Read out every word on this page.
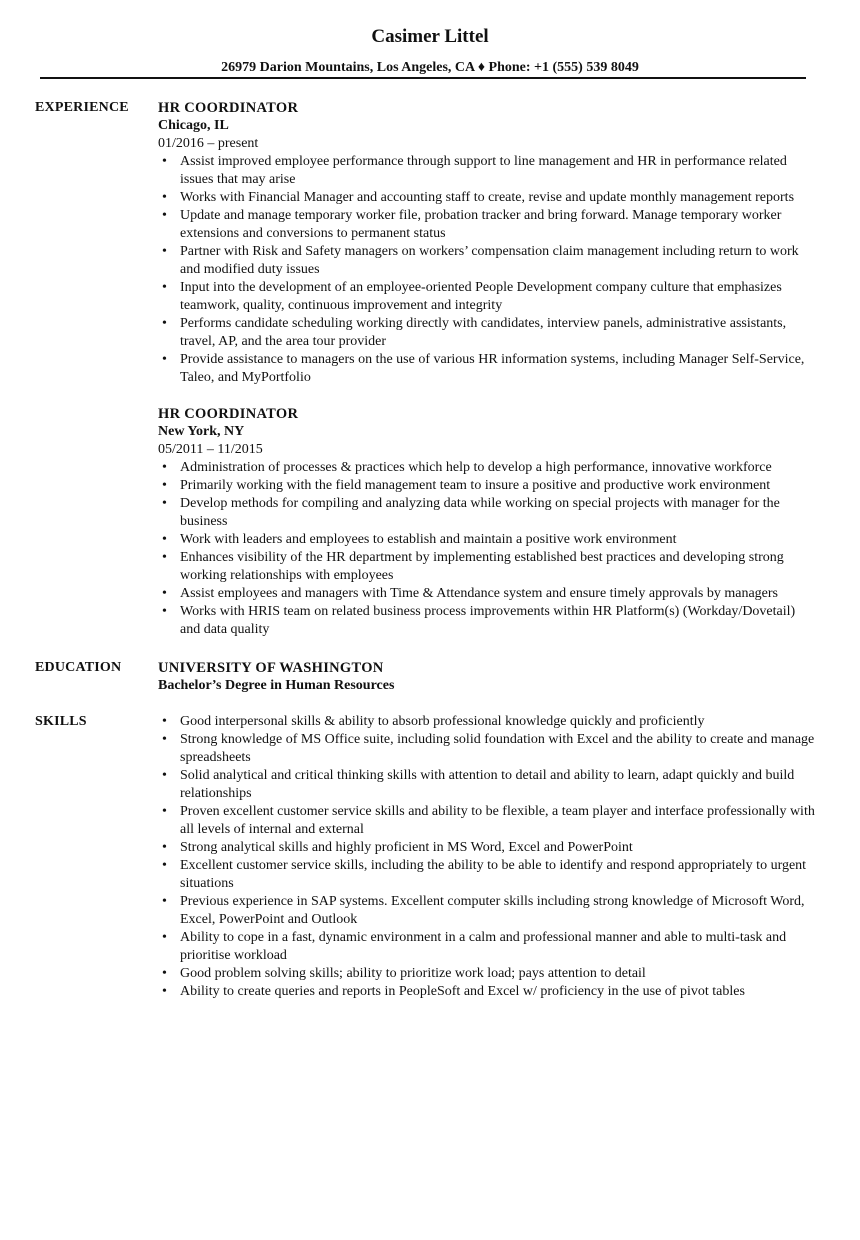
Casimer Littel
26979 Darion Mountains, Los Angeles, CA ♦ Phone: +1 (555) 539 8049
EXPERIENCE HR COORDINATOR
Chicago, IL
01/2016 – present
• Assist improved employee performance through support to line management and HR in performance related issues that may arise
• Works with Financial Manager and accounting staff to create, revise and update monthly management reports
• Update and manage temporary worker file, probation tracker and bring forward. Manage temporary worker extensions and conversions to permanent status
• Partner with Risk and Safety managers on workers’ compensation claim management including return to work and modified duty issues
• Input into the development of an employee-oriented People Development company culture that emphasizes teamwork, quality, continuous improvement and integrity
• Performs candidate scheduling working directly with candidates, interview panels, administrative assistants, travel, AP, and the area tour provider
• Provide assistance to managers on the use of various HR information systems, including Manager Self-Service, Taleo, and MyPortfolio
HR COORDINATOR
New York, NY
05/2011 – 11/2015
• Administration of processes & practices which help to develop a high performance, innovative workforce
• Primarily working with the field management team to insure a positive and productive work environment
• Develop methods for compiling and analyzing data while working on special projects with manager for the business
• Work with leaders and employees to establish and maintain a positive work environment
• Enhances visibility of the HR department by implementing established best practices and developing strong working relationships with employees
• Assist employees and managers with Time & Attendance system and ensure timely approvals by managers
• Works with HRIS team on related business process improvements within HR Platform(s) (Workday/Dovetail) and data quality
EDUCATION	UNIVERSITY OF WASHINGTON
Bachelor’s Degree in Human Resources
SKILLS
•	Good interpersonal skills & ability to absorb professional knowledge quickly and proficiently
• Strong knowledge of MS Office suite, including solid foundation with Excel and the ability to create and manage spreadsheets
• Solid analytical and critical thinking skills with attention to detail and ability to learn, adapt quickly and build relationships
• Proven excellent customer service skills and ability to be flexible, a team player and interface professionally with all levels of internal and external
• Strong analytical skills and highly proficient in MS Word, Excel and PowerPoint
• Excellent customer service skills, including the ability to be able to identify and respond appropriately to urgent situations
• Previous experience in SAP systems. Excellent computer skills including strong knowledge of Microsoft Word, Excel, PowerPoint and Outlook
• Ability to cope in a fast, dynamic environment in a calm and professional manner and able to multi-task and prioritise workload
• Good problem solving skills; ability to prioritize work load; pays attention to detail
• Ability to create queries and reports in PeopleSoft and Excel w/ proficiency in the use of pivot tables
